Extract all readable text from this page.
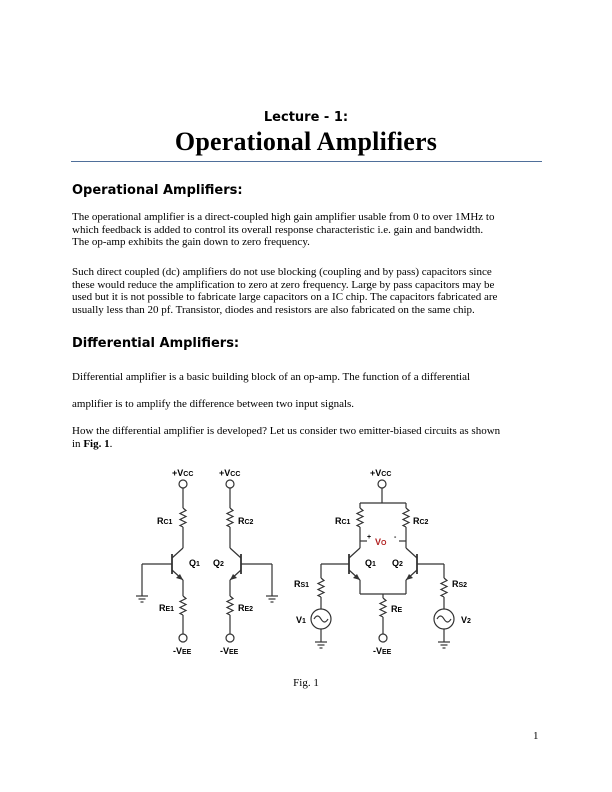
Lecture - 1:
Operational Amplifiers
Operational Amplifiers:
The operational amplifier is a direct-coupled high gain amplifier usable from 0 to over 1MHz to
which feedback is added to control its overall response characteristic i.e. gain and bandwidth.
The op-amp exhibits the gain down to zero frequency.
Such direct coupled (dc) amplifiers do not use blocking (coupling and by pass) capacitors since
these would reduce the amplification to zero at zero frequency. Large by pass capacitors may be
used but it is not possible to fabricate large capacitors on a IC chip. The capacitors fabricated are
usually less than 20 pf. Transistor, diodes and resistors are also fabricated on the same chip.
Differential Amplifiers:
Differential amplifier is a basic building block of an op-amp. The function of a differential
amplifier is to amplify the difference between two input signals.
How the differential amplifier is developed? Let us consider two emitter-biased circuits as shown
in Fig. 1.
+VCC
RC1
Q1
RE1
-VEE
+VCC
RC2
Q2
RE2
-VEE
+VCC
RC1	RC2
+ VO
-
Q1 Q2
RE
-VEE
RS1
V1
RS2
V2
Fig. 1
1
